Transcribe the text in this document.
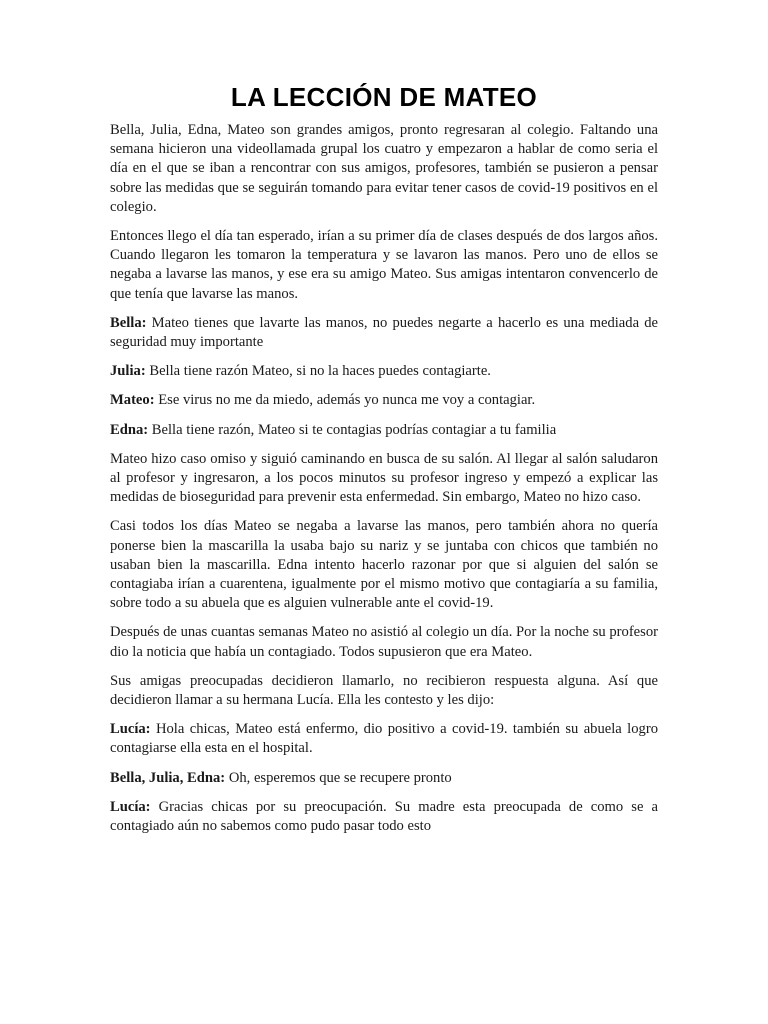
LA LECCIÓN DE MATEO

Bella, Julia, Edna, Mateo son grandes amigos, pronto regresaran al colegio. Faltando una semana hicieron una videollamada grupal los cuatro y empezaron a hablar de como seria el día en el que se iban a rencontrar con sus amigos, profesores, también se pusieron a pensar sobre las medidas que se seguirán tomando para evitar tener casos de covid-19 positivos en el colegio.

Entonces llego el día tan esperado, irían a su primer día de clases después de dos largos años. Cuando llegaron les tomaron la temperatura y se lavaron las manos. Pero uno de ellos se negaba a lavarse las manos, y ese era su amigo Mateo. Sus amigas intentaron convencerlo de que tenía que lavarse las manos.

Bella: Mateo tienes que lavarte las manos, no puedes negarte a hacerlo es una mediada de seguridad muy importante

Julia: Bella tiene razón Mateo, si no la haces puedes contagiarte.

Mateo: Ese virus no me da miedo, además yo nunca me voy a contagiar.

Edna: Bella tiene razón, Mateo si te contagias podrías contagiar a tu familia

Mateo hizo caso omiso y siguió caminando en busca de su salón. Al llegar al salón saludaron al profesor y ingresaron, a los pocos minutos su profesor ingreso y empezó a explicar las medidas de bioseguridad para prevenir esta enfermedad. Sin embargo, Mateo no hizo caso.

Casi todos los días Mateo se negaba a lavarse las manos, pero también ahora no quería ponerse bien la mascarilla la usaba bajo su nariz y se juntaba con chicos que también no usaban bien la mascarilla. Edna intento hacerlo razonar por que si alguien del salón se contagiaba irían a cuarentena, igualmente por el mismo motivo que contagiaría a su familia, sobre todo a su abuela que es alguien vulnerable ante el covid-19.

Después de unas cuantas semanas Mateo no asistió al colegio un día. Por la noche su profesor dio la noticia que había un contagiado. Todos supusieron que era Mateo.

Sus amigas preocupadas decidieron llamarlo, no recibieron respuesta alguna. Así que decidieron llamar a su hermana Lucía. Ella les contesto y les dijo:

Lucía: Hola chicas, Mateo está enfermo, dio positivo a covid-19. también su abuela logro contagiarse ella esta en el hospital.

Bella, Julia, Edna: Oh, esperemos que se recupere pronto

Lucía: Gracias chicas por su preocupación. Su madre esta preocupada de como se a contagiado aún no sabemos como pudo pasar todo esto
